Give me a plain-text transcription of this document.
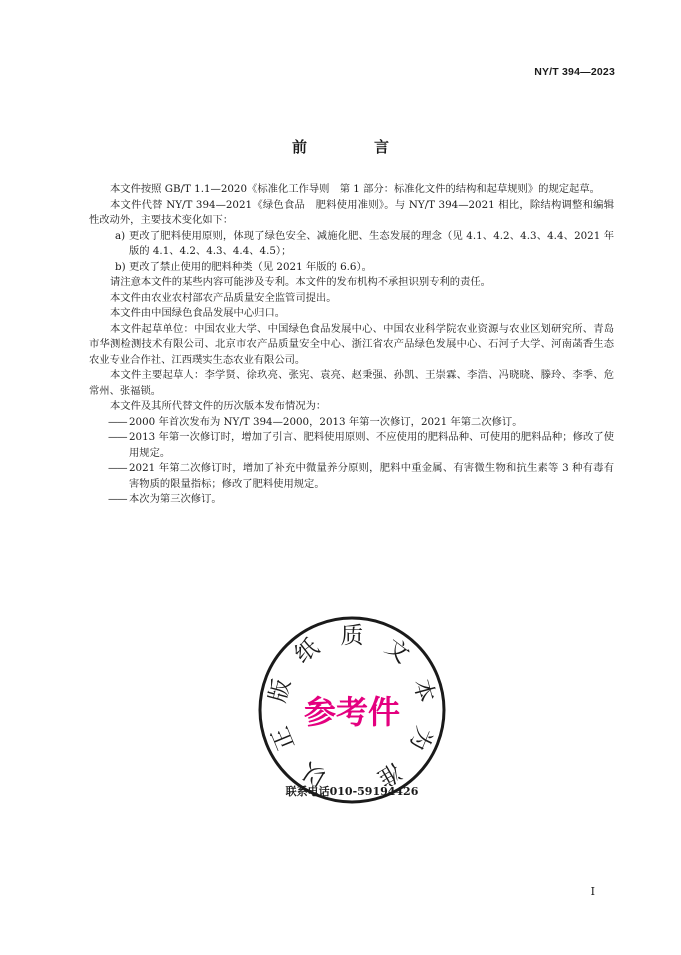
NY/T 394—2023
前　言

本文件按照 GB/T 1.1—2020《标准化工作导则　第 1 部分：标准化文件的结构和起草规则》的规定起草。

本文件代替 NY/T 394—2021《绿色食品　肥料使用准则》。与 NY/T 394—2021 相比，除结构调整和编辑性改动外，主要技术变化如下：

a) 更改了肥料使用原则，体现了绿色安全、减施化肥、生态发展的理念（见 4.1、4.2、4.3、4.4、2021 年版的 4.1、4.2、4.3、4.4、4.5）；
b) 更改了禁止使用的肥料种类（见 2021 年版的 6.6）。

请注意本文件的某些内容可能涉及专利。本文件的发布机构不承担识别专利的责任。

本文件由农业农村部农产品质量安全监管司提出。

本文件由中国绿色食品发展中心归口。

本文件起草单位：中国农业大学、中国绿色食品发展中心、中国农业科学院农业资源与农业区划研究所、青岛市华测检测技术有限公司、北京市农产品质量安全中心、浙江省农产品绿色发展中心、石河子大学、河南菡香生态农业专业合作社、江西璞实生态农业有限公司。

本文件主要起草人：李学贤、徐玖亮、张宪、袁亮、赵秉强、孙凯、王崇霖、李浩、冯晓晓、滕玲、李季、危常州、张福锁。

本文件及其所代替文件的历次版本发布情况为：

—— 2000 年首次发布为 NY/T 394—2000，2013 年第一次修订，2021 年第二次修订。
—— 2013 年第一次修订时，增加了引言、肥料使用原则、不应使用的肥料品种、可使用的肥料品种；修改了使用规定。
—— 2021 年第二次修订时，增加了补充中微量养分原则，肥料中重金属、有害微生物和抗生素等 3 种有毒有害物质的限量指标；修改了肥料使用规定。
—— 本次为第三次修订。
以
正
版
纸 质 文
本
为
准
参考件
联系电话010-59194426
I
